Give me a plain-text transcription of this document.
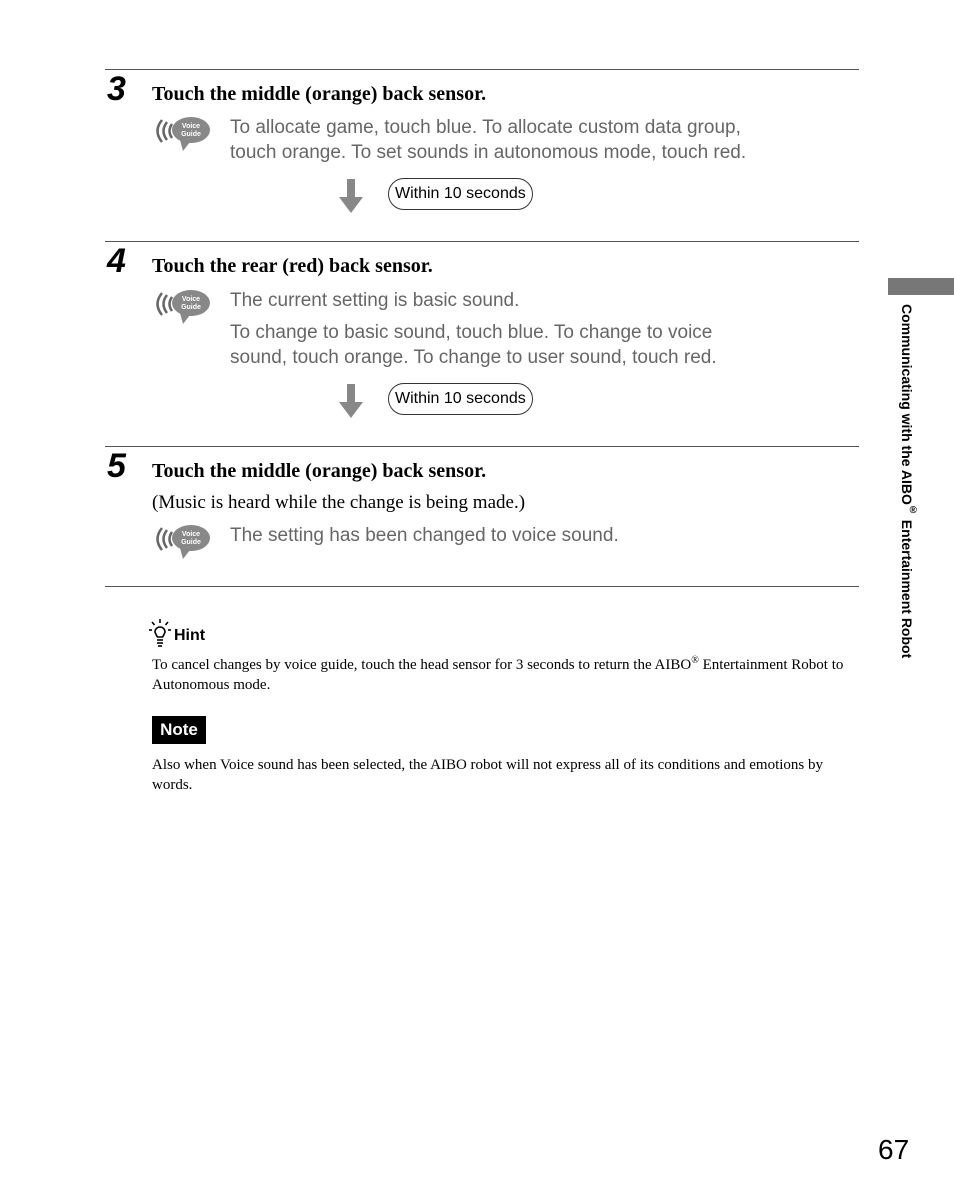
3 Touch the middle (orange) back sensor.
Voice
Guide To allocate game, touch blue. To allocate custom data group,

touch orange. To set sounds in autonomous mode, touch red.

Within 10 seconds
4 Touch the rear (red) back sensor.
Voice
Guide The current setting is basic sound.

To change to basic sound, touch blue. To change to voice

sound, touch orange. To change to user sound, touch red.

Within 10 seconds
5 Touch the middle (orange) back sensor.
(Music is heard while the change is being made.)
Voice
Guide The setting has been changed to voice sound.

Hint
To cancel changes by voice guide, touch the head sensor for 3 seconds to return the AIBO® Entertainment Robot to Autonomous mode.
Note
Also when Voice sound has been selected, the AIBO robot will not express all of its conditions and emotions by words.
Communicating with the AIBO® Entertainment Robot
67
